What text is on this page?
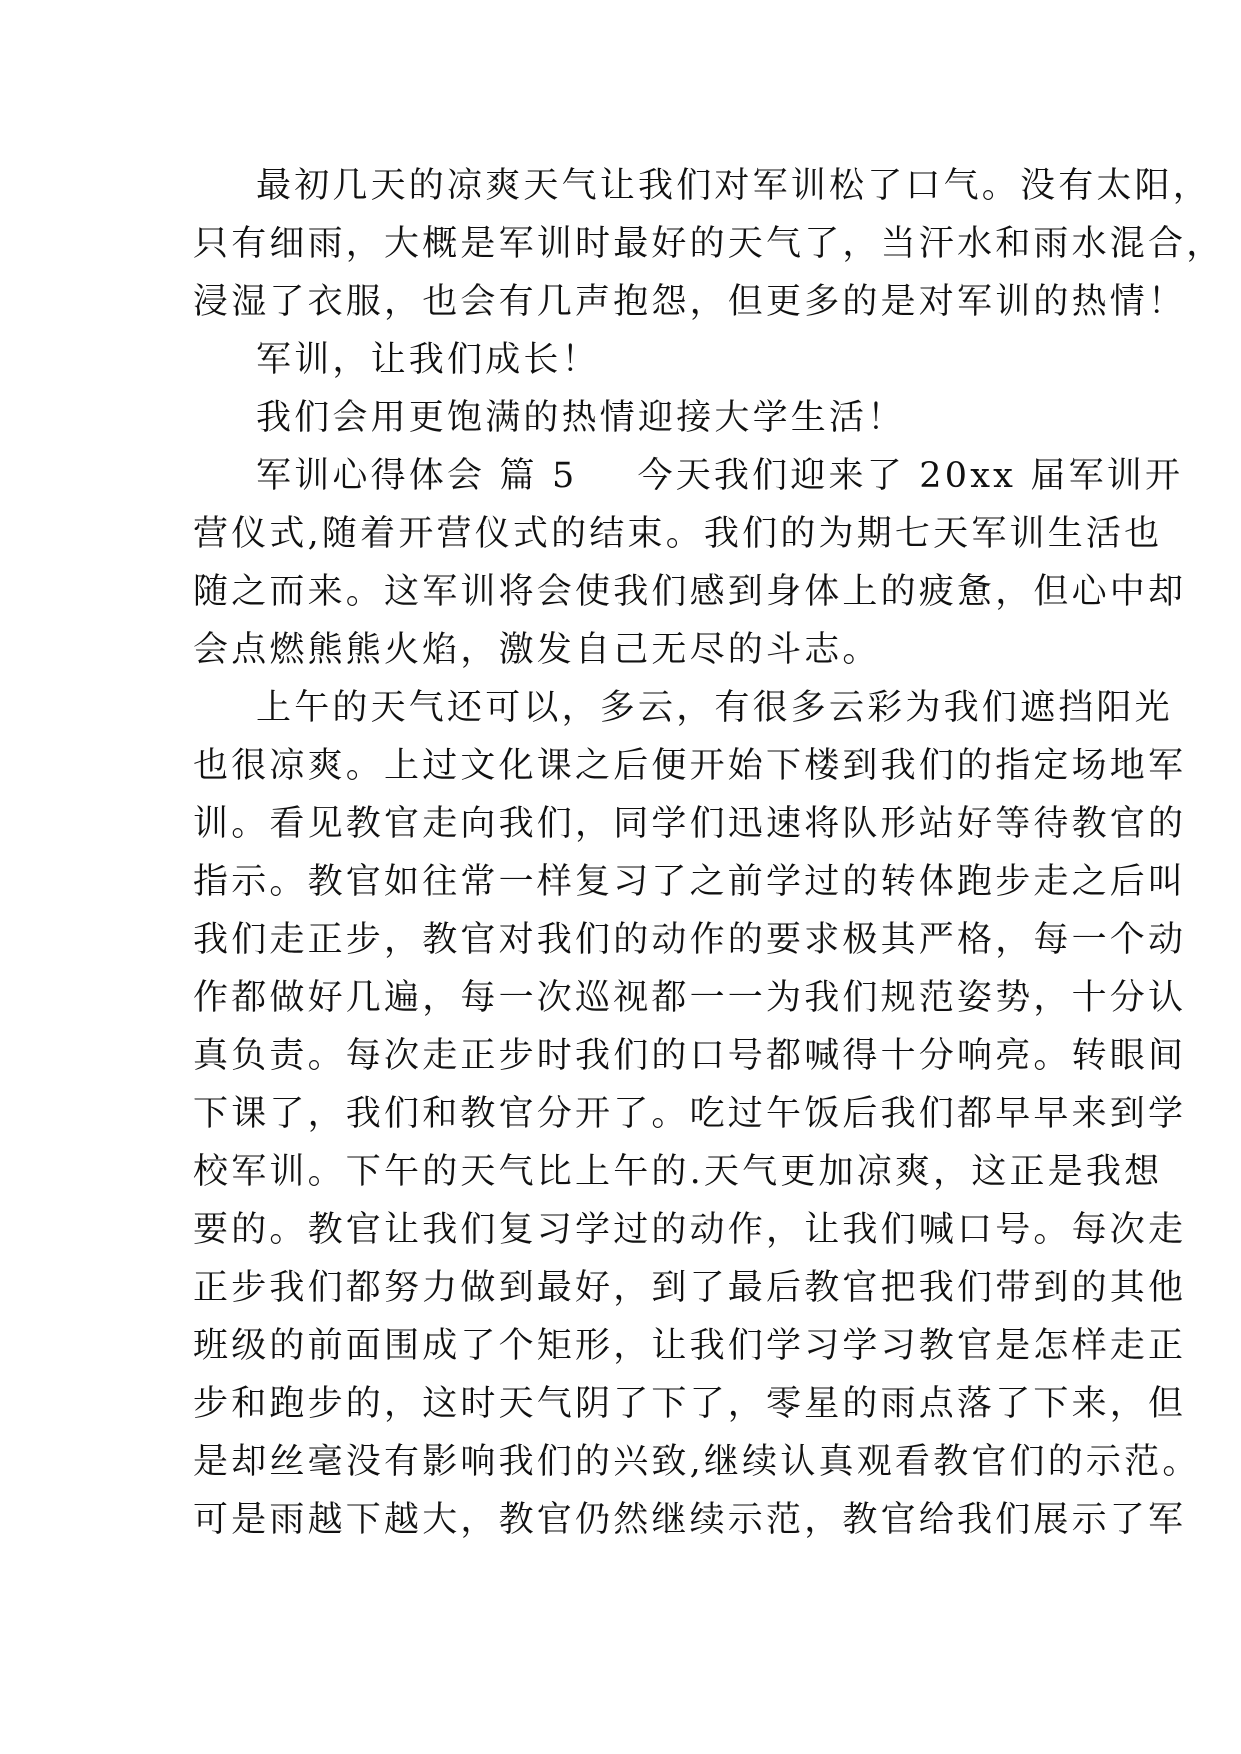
最初几天的凉爽天气让我们对军训松了口气。没有太阳，

只有细雨，大概是军训时最好的天气了，当汗水和雨水混合，

浸湿了衣服，也会有几声抱怨，但更多的是对军训的热情！

军训，让我们成长！

我们会用更饱满的热情迎接大学生活！

军训心得体会 篇 5 今天我们迎来了 20xx 届军训开

营仪式,随着开营仪式的结束。我们的为期七天军训生活也

随之而来。这军训将会使我们感到身体上的疲惫，但心中却

会点燃熊熊火焰，激发自己无尽的斗志。

上午的天气还可以，多云，有很多云彩为我们遮挡阳光

也很凉爽。上过文化课之后便开始下楼到我们的指定场地军

训。看见教官走向我们，同学们迅速将队形站好等待教官的

指示。教官如往常一样复习了之前学过的转体跑步走之后叫

我们走正步，教官对我们的动作的要求极其严格，每一个动

作都做好几遍，每一次巡视都一一为我们规范姿势，十分认

真负责。每次走正步时我们的口号都喊得十分响亮。转眼间

下课了，我们和教官分开了。吃过午饭后我们都早早来到学

校军训。下午的天气比上午的.天气更加凉爽，这正是我想

要的。教官让我们复习学过的动作，让我们喊口号。每次走

正步我们都努力做到最好，到了最后教官把我们带到的其他

班级的前面围成了个矩形，让我们学习学习教官是怎样走正

步和跑步的，这时天气阴了下了，零星的雨点落了下来，但

是却丝毫没有影响我们的兴致,继续认真观看教官们的示范。

可是雨越下越大，教官仍然继续示范，教官给我们展示了军
